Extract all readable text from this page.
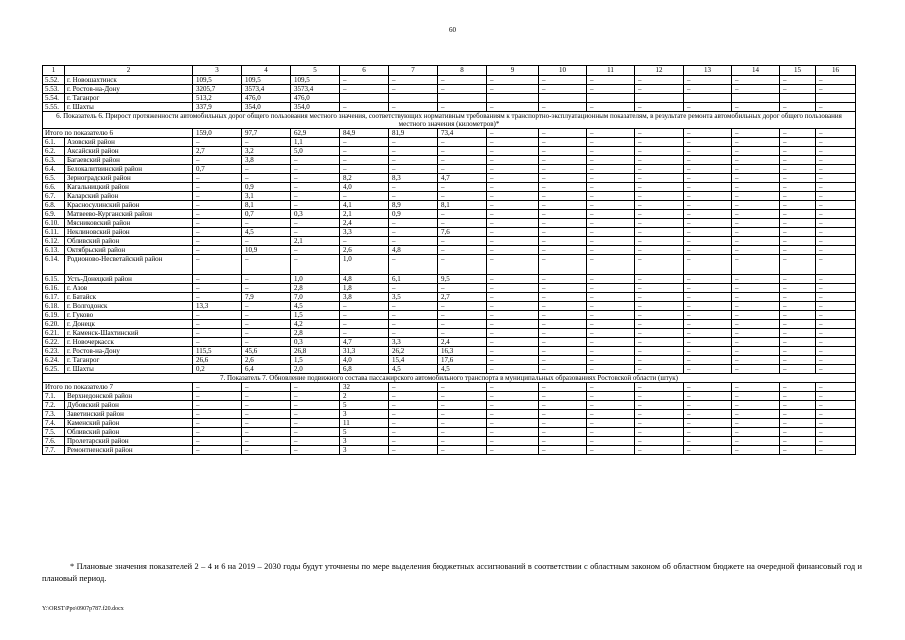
60
1	2	3	4	5	6	7	8	9	10	11	12	13	14	15	16
5.52.	г. Новошахтинск	109,5	109,5	109,5	–	–	–	–	–	–	–	–	–	–	–
5.53.	г. Ростов-на-Дону	3205,7	3573,4	3573,4	–	–	–	–	–	–	–	–	–	–	–
5.54.	г. Таганрог	513,2	476,0	476,0											
5.55.	г. Шахты	337,9	354,0	354,0	–	–	–	–	–	–	–	–	–	–	–
6. Показатель 6. Прирост протяженности автомобильных дорог общего пользования местного значения, соответствующих нормативным требованиям к транспортно-эксплуатационным показателям, в результате ремонта автомобильных дорог общего пользования местного значения (километров)*															
Итого по показателю 6		159,0	97,7	62,9	84,9	81,9	73,4	–	–	–	–	–	–	–	–
6.1.	Азовский район	–	–	1,1	–	–	–	–	–	–	–	–	–	–	–
6.2.	Аксайский район	2,7	3,2	5,0	–	–	–	–	–	–	–	–	–	–	–
6.3.	Багаевский район	–	3,8	–	–	–	–	–	–	–	–	–	–	–	–
6.4.	Белокалитвинский район	0,7	–	–	–	–	–	–	–	–	–	–	–	–	–
6.5.	Зерноградский район	–	–	–	8,2	8,3	4,7	–	–	–	–	–	–	–	–
6.6.	Кагальницкий район	–	0,9	–	4,0	–	–	–	–	–	–	–	–	–	–
6.7.	Каларский район	–	3,1	–	–	–	–	–	–	–	–	–	–	–	–
6.8.	Красносулинский район	–	8,1	–	4,1	8,9	8,1	–	–	–	–	–	–	–	–
6.9.	Матвеево-Курганский район	–	0,7	0,3	2,1	0,9	–	–	–	–	–	–	–	–	–
6.10.	Мясниковский район	–	–	–	2,4	–	–	–	–	–	–	–	–	–	–
6.11.	Неклиновский район	–	4,5	–	3,3	–	7,6	–	–	–	–	–	–	–	–
6.12.	Обливский район	–	–	2,1	–	–	–	–	–	–	–	–	–	–	–
6.13.	Октябрьский район	–	10,9	–	2,6	4,8	–	–	–	–	–	–	–	–	–
6.14.	Родионово-Несветайский район	–	–	–	1,0	–	–	–	–	–	–	–	–	–	–
6.15.	Усть-Донецкий район	–	–	1,0	4,8	6,1	9,5	–	–	–	–	–	–	–	–
6.16.	г. Азов	–	–	2,8	1,8	–	–	–	–	–	–	–	–	–	–
6.17.	г. Батайск	–	7,9	7,0	3,8	3,5	2,7	–	–	–	–	–	–	–	–
6.18.	г. Волгодонск	13,3	–	4,5	–	–	–	–	–	–	–	–	–	–	–
6.19.	г. Гуково	–	–	1,5	–	–	–	–	–	–	–	–	–	–	–
6.20.	г. Донецк	–	–	4,2	–	–	–	–	–	–	–	–	–	–	–
6.21.	г. Каменск-Шахтинский	–	–	2,8	–	–	–	–	–	–	–	–	–	–	–
6.22.	г. Новочеркасск	–	–	0,3	4,7	3,3	2,4	–	–	–	–	–	–	–	–
6.23.	г. Ростов-на-Дону	115,5	45,6	26,8	31,3	26,2	16,3	–	–	–	–	–	–	–	–
6.24.	г. Таганрог	26,6	2,6	1,5	4,0	15,4	17,6	–	–	–	–	–	–	–	–
6.25.	г. Шахты	0,2	6,4	2,0	6,8	4,5	4,5	–	–	–	–	–	–	–	–
7. Показатель 7. Обновление подвижного состава пассажирского автомобильного транспорта в муниципальных образованиях Ростовской области (штук)															
Итого по показателю 7		–	–	–	32	–	–	–	–	–	–	–	–	–	–
7.1.	Верхнедонской район	–	–	–	2	–	–	–	–	–	–	–	–	–	–
7.2.	Дубовский район	–	–	–	5	–	–	–	–	–	–	–	–	–	–
7.3.	Заветинский район	–	–	–	3	–	–	–	–	–	–	–	–	–	–
7.4.	Каменский район	–	–	–	11	–	–	–	–	–	–	–	–	–	–
7.5.	Обливский район	–	–	–	5	–	–	–	–	–	–	–	–	–	–
7.6.	Пролетарский район	–	–	–	3	–	–	–	–	–	–	–	–	–	–
7.7.	Ремонтненский район	–	–	–	3	–	–	–	–	–	–	–	–	–	–
* Плановые значения показателей 2 – 4 и 6 на 2019 – 2030 годы будут уточнены по мере выделения бюджетных ассигнований в соответствии с областным законом об областном бюджете на очередной финансовый год и плановый период.
Y:\ORST\Ppo\0907p787.f20.docx
